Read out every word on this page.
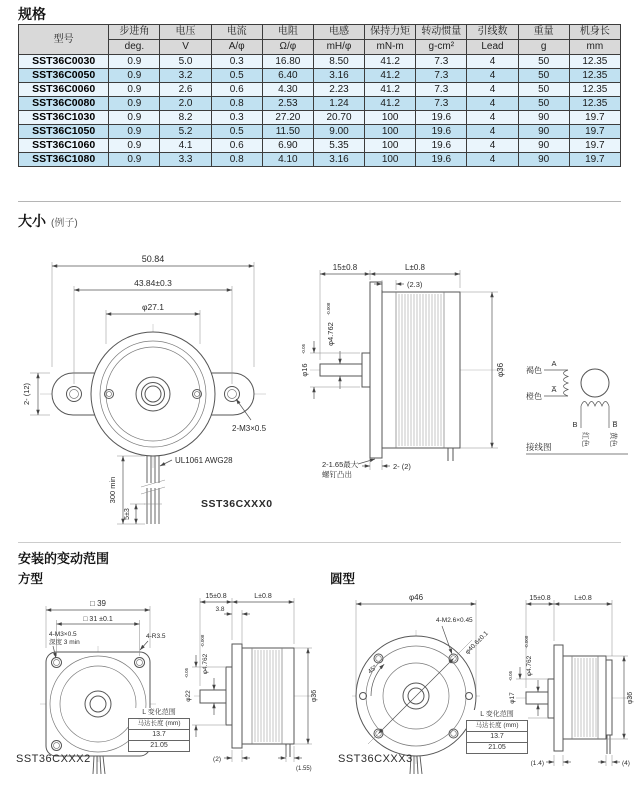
规格
型号	步进角	电压	电流	电阻	电感	保持力矩	转动惯量	引线数	重量	机身长
	deg.	V	A/φ	Ω/φ	mH/φ	mN-m	g-cm²	Lead	g	mm
SST36C0030	0.9	5.0	0.3	16.80	8.50	41.2	7.3	4	50	12.35
SST36C0050	0.9	3.2	0.5	6.40	3.16	41.2	7.3	4	50	12.35
SST36C0060	0.9	2.6	0.6	4.30	2.23	41.2	7.3	4	50	12.35
SST36C0080	0.9	2.0	0.8	2.53	1.24	41.2	7.3	4	50	12.35
SST36C1030	0.9	8.2	0.3	27.20	20.70	100	19.6	4	90	19.7
SST36C1050	0.9	5.2	0.5	11.50	9.00	100	19.6	4	90	19.7
SST36C1060	0.9	4.1	0.6	6.90	5.35	100	19.6	4	90	19.7
SST36C1080	0.9	3.3	0.8	4.10	3.16	100	19.6	4	90	19.7
大小 (例子)
50.84
43.84±0.3
φ27.1
2- (12)
2-M3×0.5
UL1061 AWG28
300 min
5±3
SST36CXXX0
15±0.8	L±0.8
(2.3)
φ4.762
-0.008
φ16
-0.05
φ36
2-1.65最大
螺钉凸出
2- (2)
褐色
A
橙色
A̅
B	B̅
红色	黄色
接线图
安装的变动范围
方型	圆型
□ 39
□ 31 ±0.1
4-M3×0.5
深度 3 min
4-R3.5
15±0.8	L±0.8
3.8
φ4.762
-0.008
φ22
-0.05
φ36
(2)
(1.55)
φ46
45°
4-M2.6×0.45
φ40.6±0.1
15±0.8	L±0.8
φ4.762
-0.008
φ17
-0.05
φ36
(1.4)	(4)
L 变化范围
马达长度 (mm)
13.7
21.05
L 变化范围
马达长度 (mm)
13.7
21.05
SST36CXXX2	SST36CXXX3
